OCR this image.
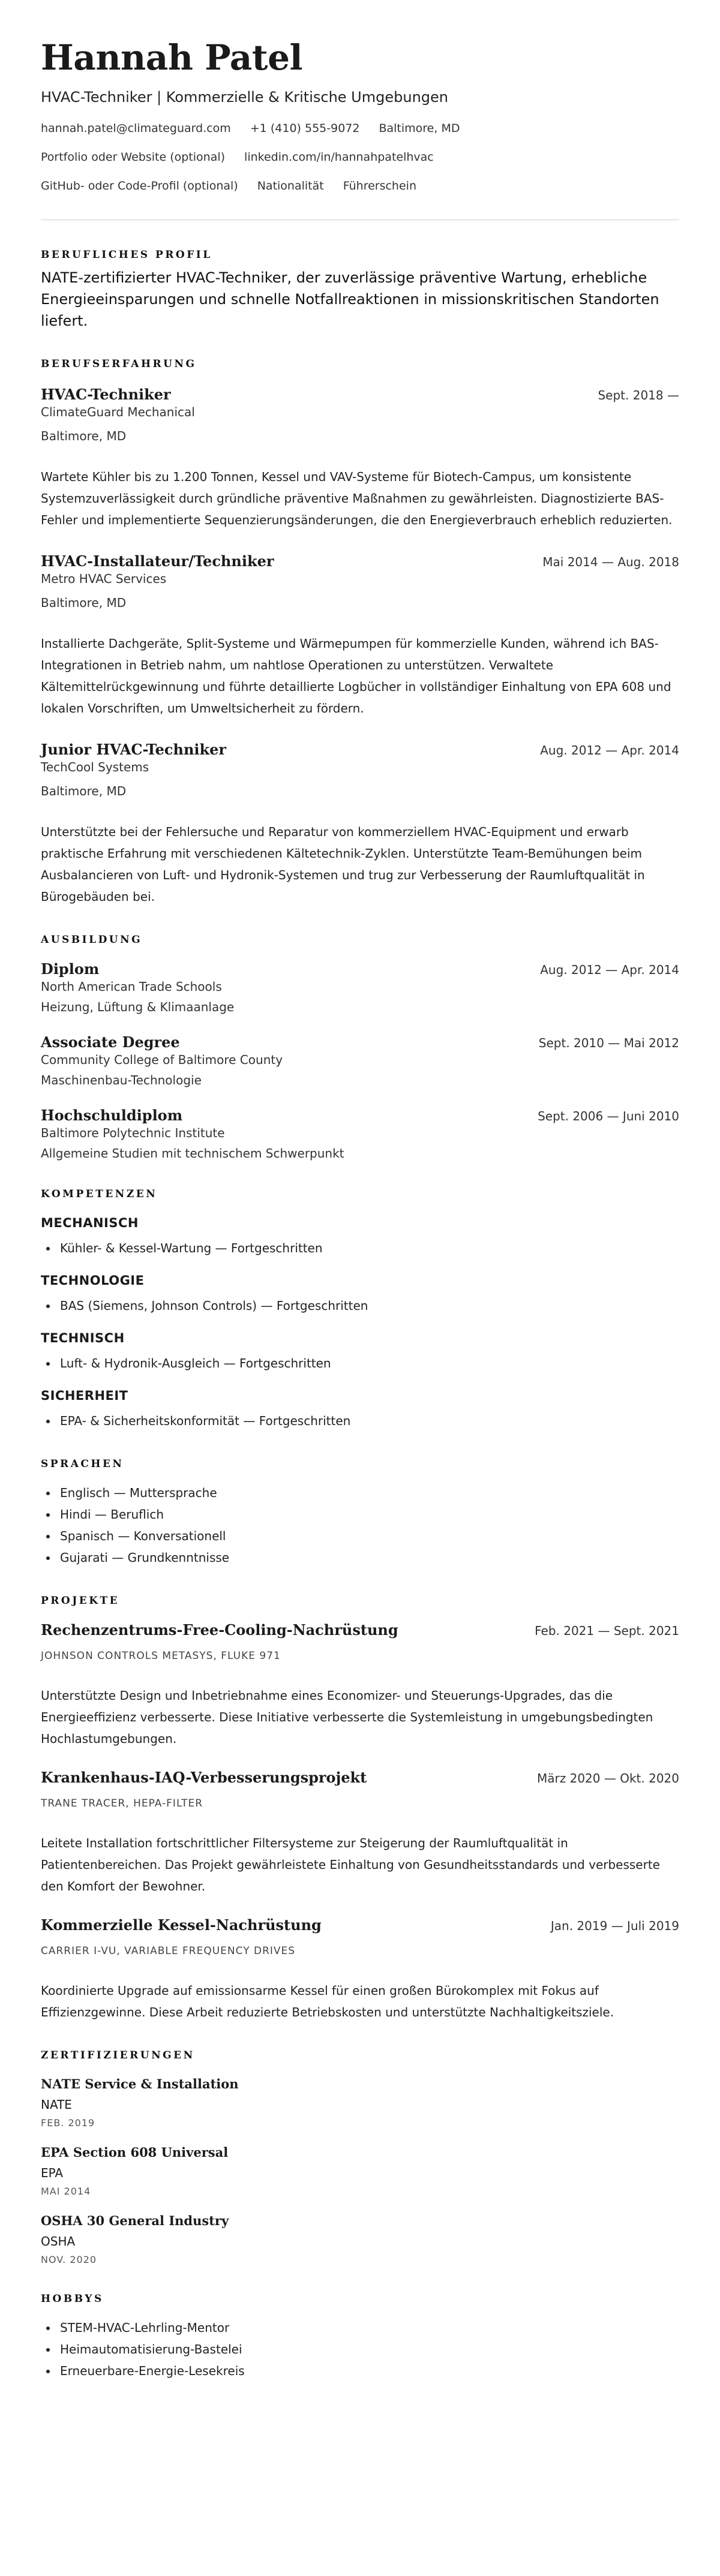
Hannah Patel
HVAC-Techniker | Kommerzielle & Kritische Umgebungen
hannah.patel@climateguard.com +1 (410) 555-9072 Baltimore, MD
Portfolio oder Website (optional) linkedin.com/in/hannahpatelhvac
GitHub- oder Code-Profil (optional) Nationalität Führerschein
BERUFLICHES PROFIL
NATE-zertifizierter HVAC-Techniker, der zuverlässige präventive Wartung, erhebliche Energieeinsparungen und schnelle Notfallreaktionen in missionskritischen Standorten liefert.
BERUFSERFAHRUNG
HVAC-Techniker	Sept. 2018 —
ClimateGuard Mechanical
Baltimore, MD
Wartete Kühler bis zu 1.200 Tonnen, Kessel und VAV-Systeme für Biotech-Campus, um konsistente Systemzuverlässigkeit durch gründliche präventive Maßnahmen zu gewährleisten. Diagnostizierte BAS-Fehler und implementierte Sequenzierungsänderungen, die den Energieverbrauch erheblich reduzierten.
HVAC-Installateur/Techniker	Mai 2014 — Aug. 2018
Metro HVAC Services
Baltimore, MD
Installierte Dachgeräte, Split-Systeme und Wärmepumpen für kommerzielle Kunden, während ich BAS-Integrationen in Betrieb nahm, um nahtlose Operationen zu unterstützen. Verwaltete Kältemittelrückgewinnung und führte detaillierte Logbücher in vollständiger Einhaltung von EPA 608 und lokalen Vorschriften, um Umweltsicherheit zu fördern.
Junior HVAC-Techniker	Aug. 2012 — Apr. 2014
TechCool Systems
Baltimore, MD
Unterstützte bei der Fehlersuche und Reparatur von kommerziellem HVAC-Equipment und erwarb praktische Erfahrung mit verschiedenen Kältetechnik-Zyklen. Unterstützte Team-Bemühungen beim Ausbalancieren von Luft- und Hydronik-Systemen und trug zur Verbesserung der Raumluftqualität in Bürogebäuden bei.
AUSBILDUNG
Diplom	Aug. 2012 — Apr. 2014
North American Trade Schools
Heizung, Lüftung & Klimaanlage
Associate Degree	Sept. 2010 — Mai 2012
Community College of Baltimore County
Maschinenbau-Technologie
Hochschuldiplom	Sept. 2006 — Juni 2010
Baltimore Polytechnic Institute
Allgemeine Studien mit technischem Schwerpunkt
KOMPETENZEN
MECHANISCH
• Kühler- & Kessel-Wartung — Fortgeschritten
TECHNOLOGIE
• BAS (Siemens, Johnson Controls) — Fortgeschritten
TECHNISCH
• Luft- & Hydronik-Ausgleich — Fortgeschritten
SICHERHEIT
• EPA- & Sicherheitskonformität — Fortgeschritten
SPRACHEN
• Englisch — Muttersprache
• Hindi — Beruflich
• Spanisch — Konversationell
• Gujarati — Grundkenntnisse
PROJEKTE
Rechenzentrums-Free-Cooling-Nachrüstung	Feb. 2021 — Sept. 2021
JOHNSON CONTROLS METASYS, FLUKE 971
Unterstützte Design und Inbetriebnahme eines Economizer- und Steuerungs-Upgrades, das die Energieeffizienz verbesserte. Diese Initiative verbesserte die Systemleistung in umgebungsbedingten Hochlastumgebungen.
Krankenhaus-IAQ-Verbesserungsprojekt	März 2020 — Okt. 2020
TRANE TRACER, HEPA-FILTER
Leitete Installation fortschrittlicher Filtersysteme zur Steigerung der Raumluftqualität in Patientenbereichen. Das Projekt gewährleistete Einhaltung von Gesundheitsstandards und verbesserte den Komfort der Bewohner.
Kommerzielle Kessel-Nachrüstung	Jan. 2019 — Juli 2019
CARRIER I-VU, VARIABLE FREQUENCY DRIVES
Koordinierte Upgrade auf emissionsarme Kessel für einen großen Bürokomplex mit Fokus auf Effizienzgewinne. Diese Arbeit reduzierte Betriebskosten und unterstützte Nachhaltigkeitsziele.
ZERTIFIZIERUNGEN
NATE Service & Installation
NATE
FEB. 2019
EPA Section 608 Universal
EPA
MAI 2014
OSHA 30 General Industry
OSHA
NOV. 2020
HOBBYS
• STEM-HVAC-Lehrling-Mentor
• Heimautomatisierung-Bastelei
• Erneuerbare-Energie-Lesekreis
